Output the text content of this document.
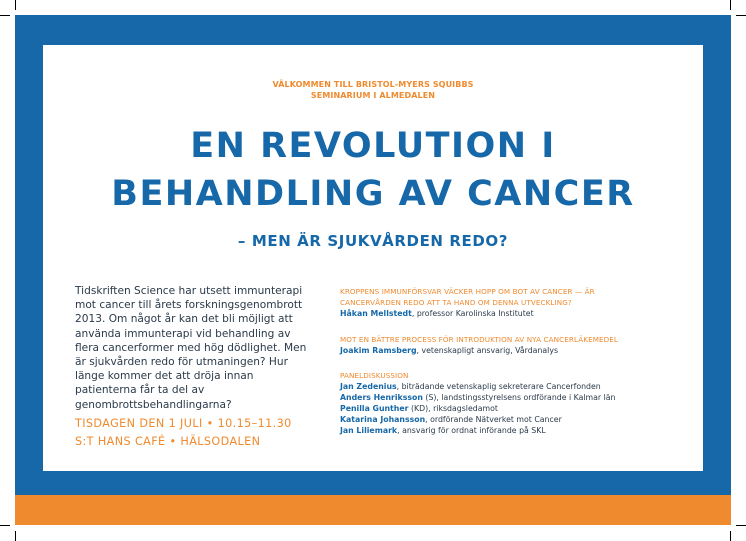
VÄLKOMMEN TILL BRISTOL-MYERS SQUIBBS
SEMINARIUM I ALMEDALEN
EN REVOLUTION I
BEHANDLING AV CANCER
– MEN ÄR SJUKVÅRDEN REDO?
Tidskriften Science har utsett immunterapi mot cancer till årets forskningsgenombrott 2013. Om något år kan det bli möjligt att använda immunterapi vid behandling av flera cancerformer med hög dödlighet. Men är sjukvården redo för utmaningen? Hur länge kommer det att dröja innan patienterna får ta del av genombrottsbehandlingarna?
TISDAGEN DEN 1 JULI • 10.15–11.30
S:T HANS CAFÉ • HÄLSODALEN
KROPPENS IMMUNFÖRSVAR VÄCKER HOPP OM BOT AV CANCER — ÄR
CANCERVÅRDEN REDO ATT TA HAND OM DENNA UTVECKLING?
Håkan Mellstedt, professor Karolinska Institutet
MOT EN BÄTTRE PROCESS FÖR INTRODUKTION AV NYA CANCERLÄKEMEDEL
Joakim Ramsberg, vetenskapligt ansvarig, Vårdanalys
PANELDISKUSSION
Jan Zedenius, biträdande vetenskaplig sekreterare Cancerfonden
Anders Henriksson (S), landstingsstyrelsens ordförande i Kalmar län
Penilla Gunther (KD), riksdagsledamot
Katarina Johansson, ordförande Nätverket mot Cancer
Jan Liliemark, ansvarig för ordnat införande på SKL
